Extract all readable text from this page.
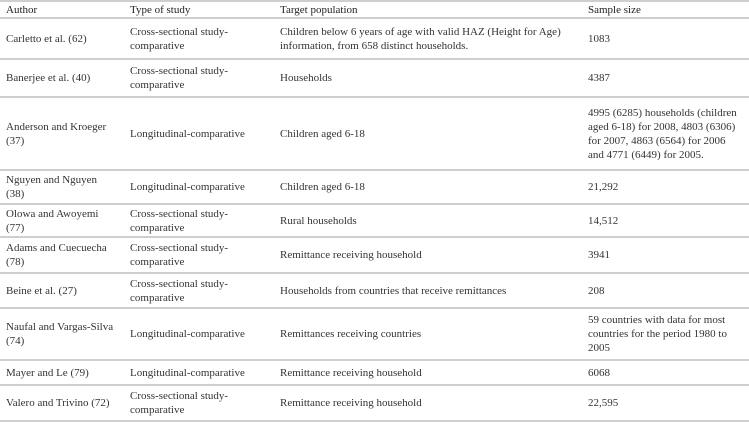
Author	Type of study	Target population	Sample size
Carletto et al. (62)	Cross-sectional study-comparative	Children below 6 years of age with valid HAZ (Height for Age) information, from 658 distinct households.	1083
Banerjee et al. (40)	Cross-sectional study-comparative	Households	4387
Anderson and Kroeger (37)	Longitudinal-comparative	Children aged 6-18	4995 (6285) households (children aged 6-18) for 2008, 4803 (6306) for 2007, 4863 (6564) for 2006 and 4771 (6449) for 2005.
Nguyen and Nguyen (38)	Longitudinal-comparative	Children aged 6-18	21,292
Olowa and Awoyemi (77)	Cross-sectional study-comparative	Rural households	14,512
Adams and Cuecuecha (78)	Cross-sectional study-comparative	Remittance receiving household	3941
Beine et al. (27)	Cross-sectional study-comparative	Households from countries that receive remittances	208
Naufal and Vargas-Silva (74)	Longitudinal-comparative	Remittances receiving countries	59 countries with data for most countries for the period 1980 to 2005
Mayer and Le (79)	Longitudinal-comparative	Remittance receiving household	6068
Valero and Trivino (72)	Cross-sectional study-comparative	Remittance receiving household	22,595
